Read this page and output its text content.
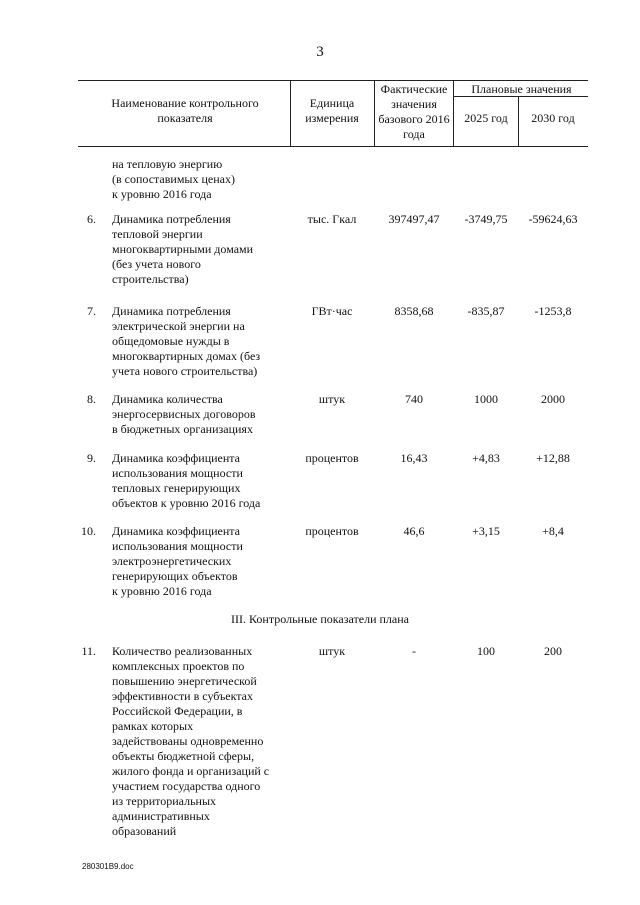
3
Наименование контрольного показателя
Единица измерения
Фактические значения базового 2016 года
Плановые значения
2025 год	2030 год
на тепловую энергию
(в сопоставимых ценах)
к уровню 2016 года
6. Динамика потребления
тепловой энергии
многоквартирными домами
(без учета нового
строительства)
тыс. Гкал	397497,47	-3749,75	-59624,63
7. Динамика потребления
электрической энергии на
общедомовые нужды в
многоквартирных домах (без
учета нового строительства)
ГВт·час	8358,68	-835,87	-1253,8
8. Динамика количества
энергосервисных договоров
в бюджетных организациях
штук	740	1000	2000
9. Динамика коэффициента
использования мощности
тепловых генерирующих
объектов к уровню 2016 года
процентов	16,43	+4,83	+12,88
10. Динамика коэффициента
использования мощности
электроэнергетических
генерирующих объектов
к уровню 2016 года
процентов	46,6	+3,15	+8,4
III. Контрольные показатели плана
11. Количество реализованных
комплексных проектов по
повышению энергетической
эффективности в субъектах
Российской Федерации, в
рамках которых
задействованы одновременно
объекты бюджетной сферы,
жилого фонда и организаций с
участием государства одного
из территориальных
административных
образований
штук	-	100	200
280301B9.doc
